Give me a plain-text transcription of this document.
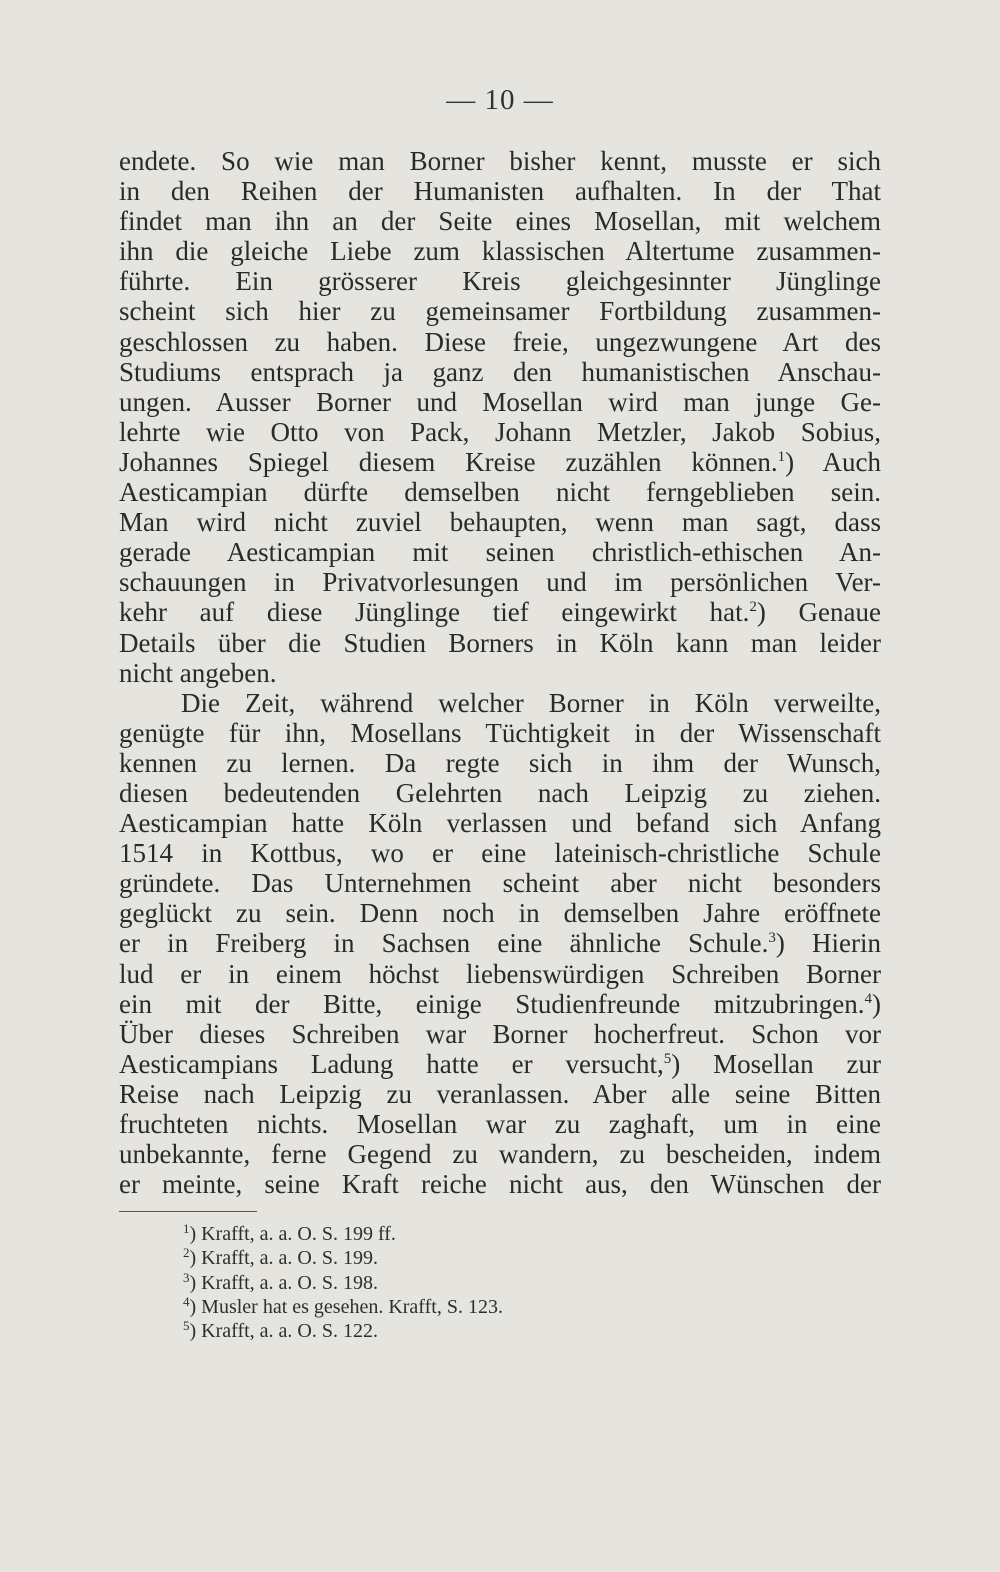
— 10 —
endete. So wie man Borner bisher kennt, musste er sich
in den Reihen der Humanisten aufhalten. In der That
findet man ihn an der Seite eines Mosellan, mit welchem
ihn die gleiche Liebe zum klassischen Altertume zusammen-
führte. Ein grösserer Kreis gleichgesinnter Jünglinge
scheint sich hier zu gemeinsamer Fortbildung zusammen-
geschlossen zu haben. Diese freie, ungezwungene Art des
Studiums entsprach ja ganz den humanistischen Anschau-
ungen. Ausser Borner und Mosellan wird man junge Ge-
lehrte wie Otto von Pack, Johann Metzler, Jakob Sobius,
Johannes Spiegel diesem Kreise zuzählen können.$^1$) Auch
Aesticampian dürfte demselben nicht ferngeblieben sein.
Man wird nicht zuviel behaupten, wenn man sagt, dass
gerade Aesticampian mit seinen christlich-ethischen An-
schauungen in Privatvorlesungen und im persönlichen Ver-
kehr auf diese Jünglinge tief eingewirkt hat.$^2$) Genaue
Details über die Studien Borners in Köln kann man leider
nicht angeben.
Die Zeit, während welcher Borner in Köln verweilte,
genügte für ihn, Mosellans Tüchtigkeit in der Wissenschaft
kennen zu lernen. Da regte sich in ihm der Wunsch,
diesen bedeutenden Gelehrten nach Leipzig zu ziehen.
Aesticampian hatte Köln verlassen und befand sich Anfang
1514 in Kottbus, wo er eine lateinisch-christliche Schule
gründete. Das Unternehmen scheint aber nicht besonders
geglückt zu sein. Denn noch in demselben Jahre eröffnete
er in Freiberg in Sachsen eine ähnliche Schule.$^3$) Hierin
lud er in einem höchst liebenswürdigen Schreiben Borner
ein mit der Bitte, einige Studienfreunde mitzubringen.$^4$)
Über dieses Schreiben war Borner hocherfreut. Schon vor
Aesticampians Ladung hatte er versucht,$^5$) Mosellan zur
Reise nach Leipzig zu veranlassen. Aber alle seine Bitten
fruchteten nichts. Mosellan war zu zaghaft, um in eine
unbekannte, ferne Gegend zu wandern, zu bescheiden, indem
er meinte, seine Kraft reiche nicht aus, den Wünschen der
$^1$) Krafft, a. a. O. S. 199 ff.
$^2$) Krafft, a. a. O. S. 199.
$^3$) Krafft, a. a. O. S. 198.
$^4$) Musler hat es gesehen. Krafft, S. 123.
$^5$) Krafft, a. a. O. S. 122.
